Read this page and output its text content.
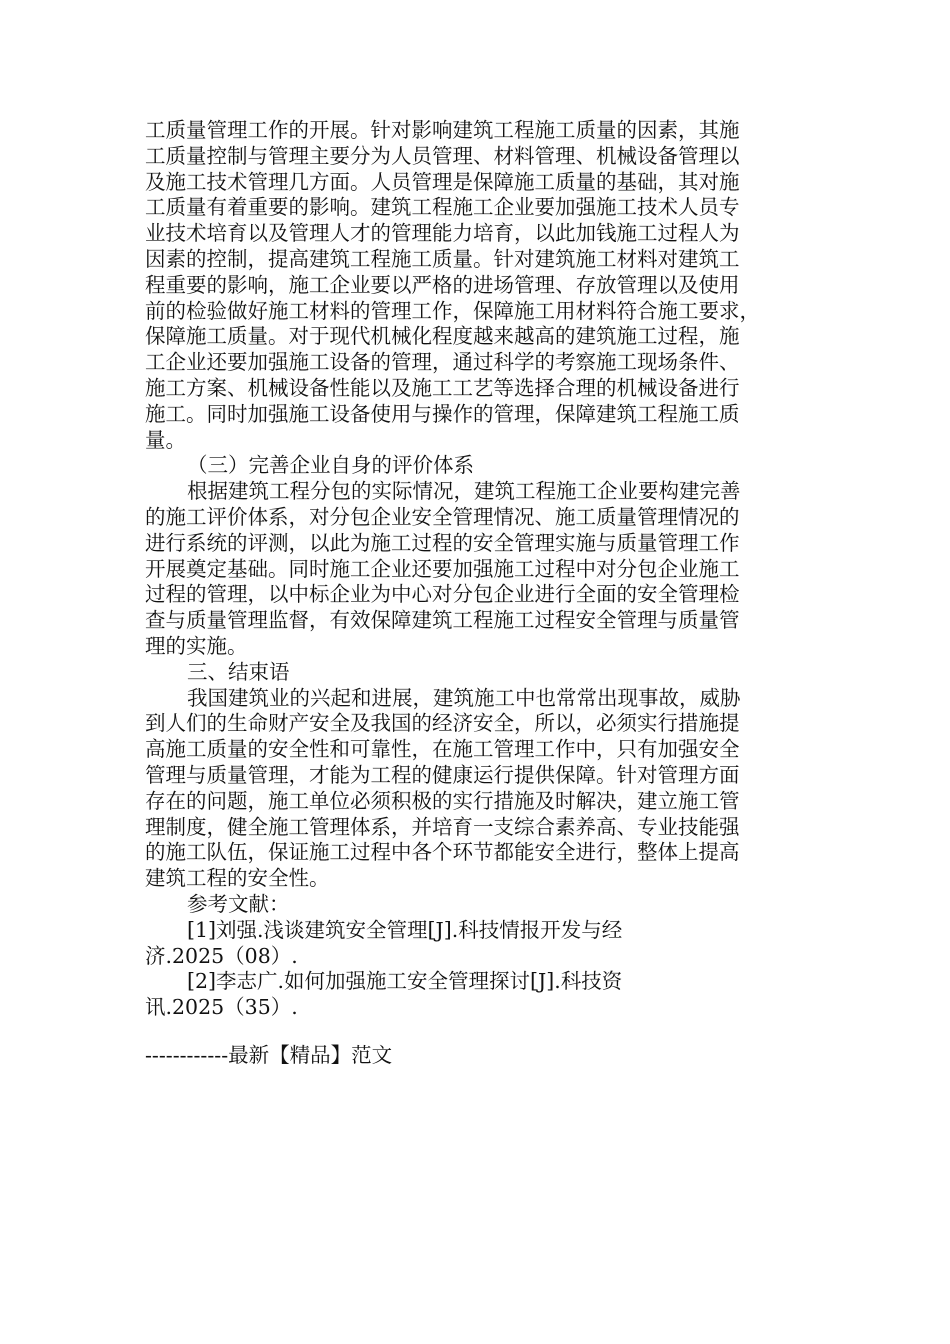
工质量管理工作的开展。针对影响建筑工程施工质量的因素，其施
工质量控制与管理主要分为人员管理、材料管理、机械设备管理以
及施工技术管理几方面。人员管理是保障施工质量的基础，其对施
工质量有着重要的影响。建筑工程施工企业要加强施工技术人员专
业技术培育以及管理人才的管理能力培育，以此加钱施工过程人为
因素的控制，提高建筑工程施工质量。针对建筑施工材料对建筑工
程重要的影响，施工企业要以严格的进场管理、存放管理以及使用
前的检验做好施工材料的管理工作，保障施工用材料符合施工要求，
保障施工质量。对于现代机械化程度越来越高的建筑施工过程，施
工企业还要加强施工设备的管理，通过科学的考察施工现场条件、
施工方案、机械设备性能以及施工工艺等选择合理的机械设备进行
施工。同时加强施工设备使用与操作的管理，保障建筑工程施工质
量。
（三）完善企业自身的评价体系
根据建筑工程分包的实际情况，建筑工程施工企业要构建完善
的施工评价体系，对分包企业安全管理情况、施工质量管理情况的
进行系统的评测，以此为施工过程的安全管理实施与质量管理工作
开展奠定基础。同时施工企业还要加强施工过程中对分包企业施工
过程的管理，以中标企业为中心对分包企业进行全面的安全管理检
查与质量管理监督，有效保障建筑工程施工过程安全管理与质量管
理的实施。
三、结束语
我国建筑业的兴起和进展，建筑施工中也常常出现事故，威胁
到人们的生命财产安全及我国的经济安全，所以，必须实行措施提
高施工质量的安全性和可靠性，在施工管理工作中，只有加强安全
管理与质量管理，才能为工程的健康运行提供保障。针对管理方面
存在的问题，施工单位必须积极的实行措施及时解决，建立施工管
理制度，健全施工管理体系，并培育一支综合素养高、专业技能强
的施工队伍，保证施工过程中各个环节都能安全进行，整体上提高
建筑工程的安全性。
参考文献：
[1]刘强.浅谈建筑安全管理[J].科技情报开发与经
济.2025（08）.
[2]李志广.如何加强施工安全管理探讨[J].科技资
讯.2025（35）.
------------最新【精品】范文
